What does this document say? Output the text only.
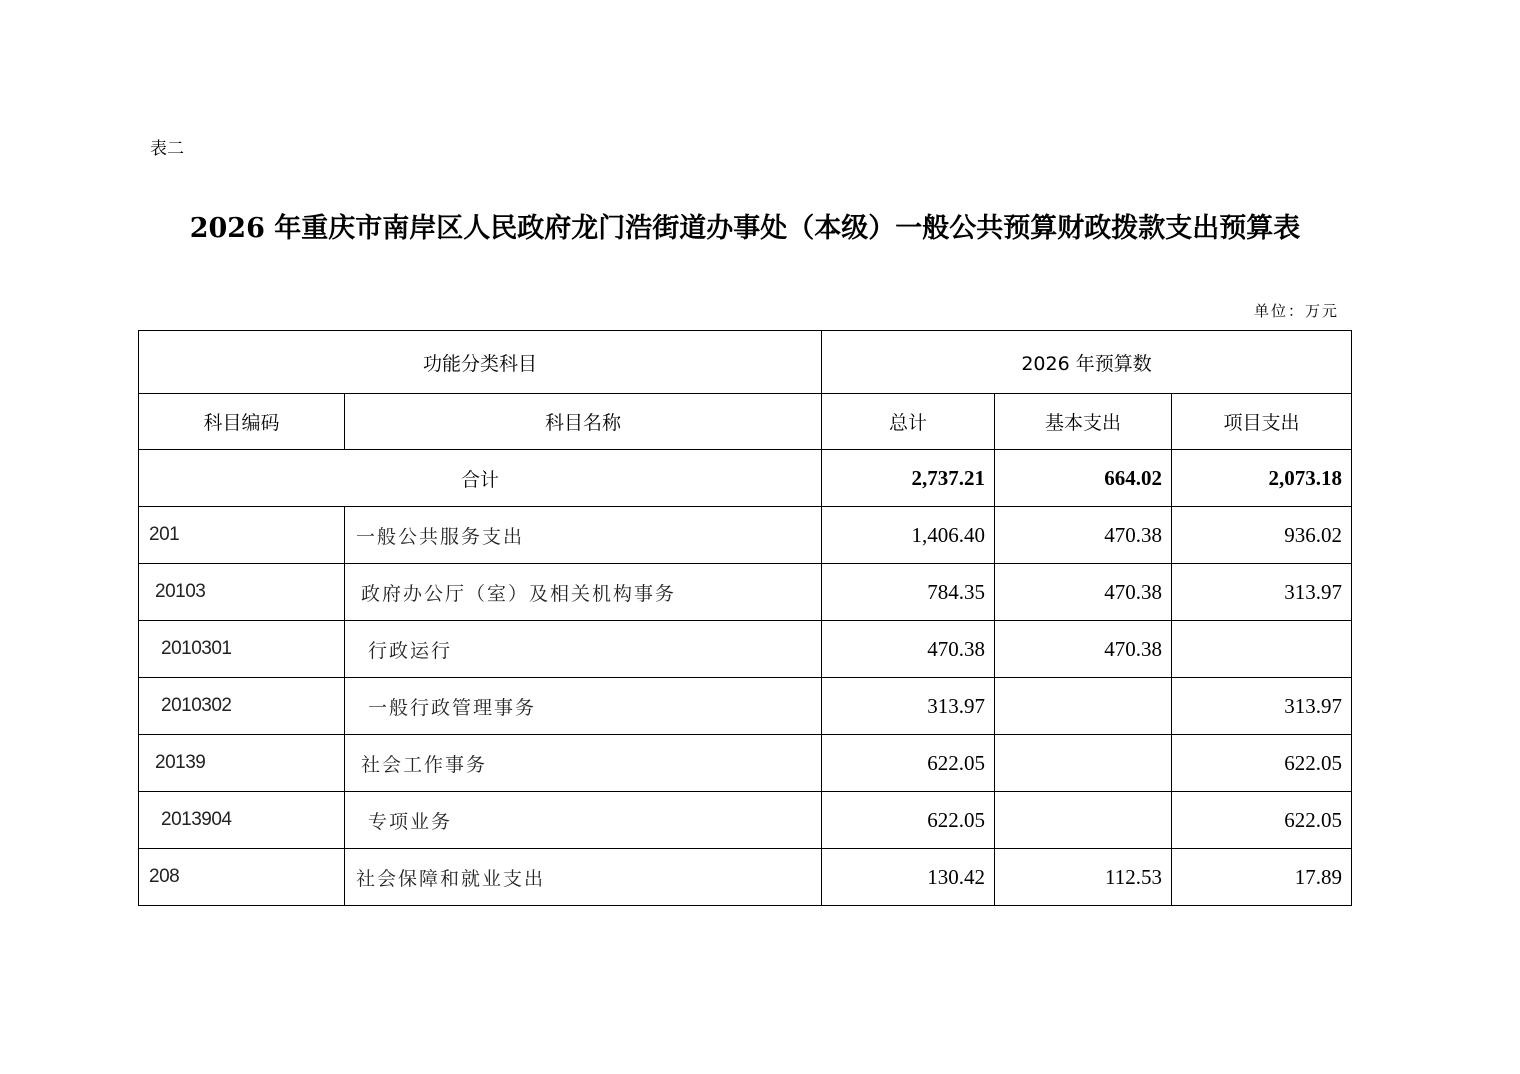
表二
2026 年重庆市南岸区人民政府龙门浩街道办事处（本级）一般公共预算财政拨款支出预算表
单位：万元
功能分类科目		2026 年预算数		
科目编码	科目名称	总计	基本支出	项目支出
合计		2,737.21	664.02	2,073.18
201	一般公共服务支出	1,406.40	470.38	936.02
20103	政府办公厅（室）及相关机构事务	784.35	470.38	313.97
2010301	行政运行	470.38	470.38	
2010302	一般行政管理事务	313.97		313.97
20139	社会工作事务	622.05		622.05
2013904	专项业务	622.05		622.05
208	社会保障和就业支出	130.42	112.53	17.89
